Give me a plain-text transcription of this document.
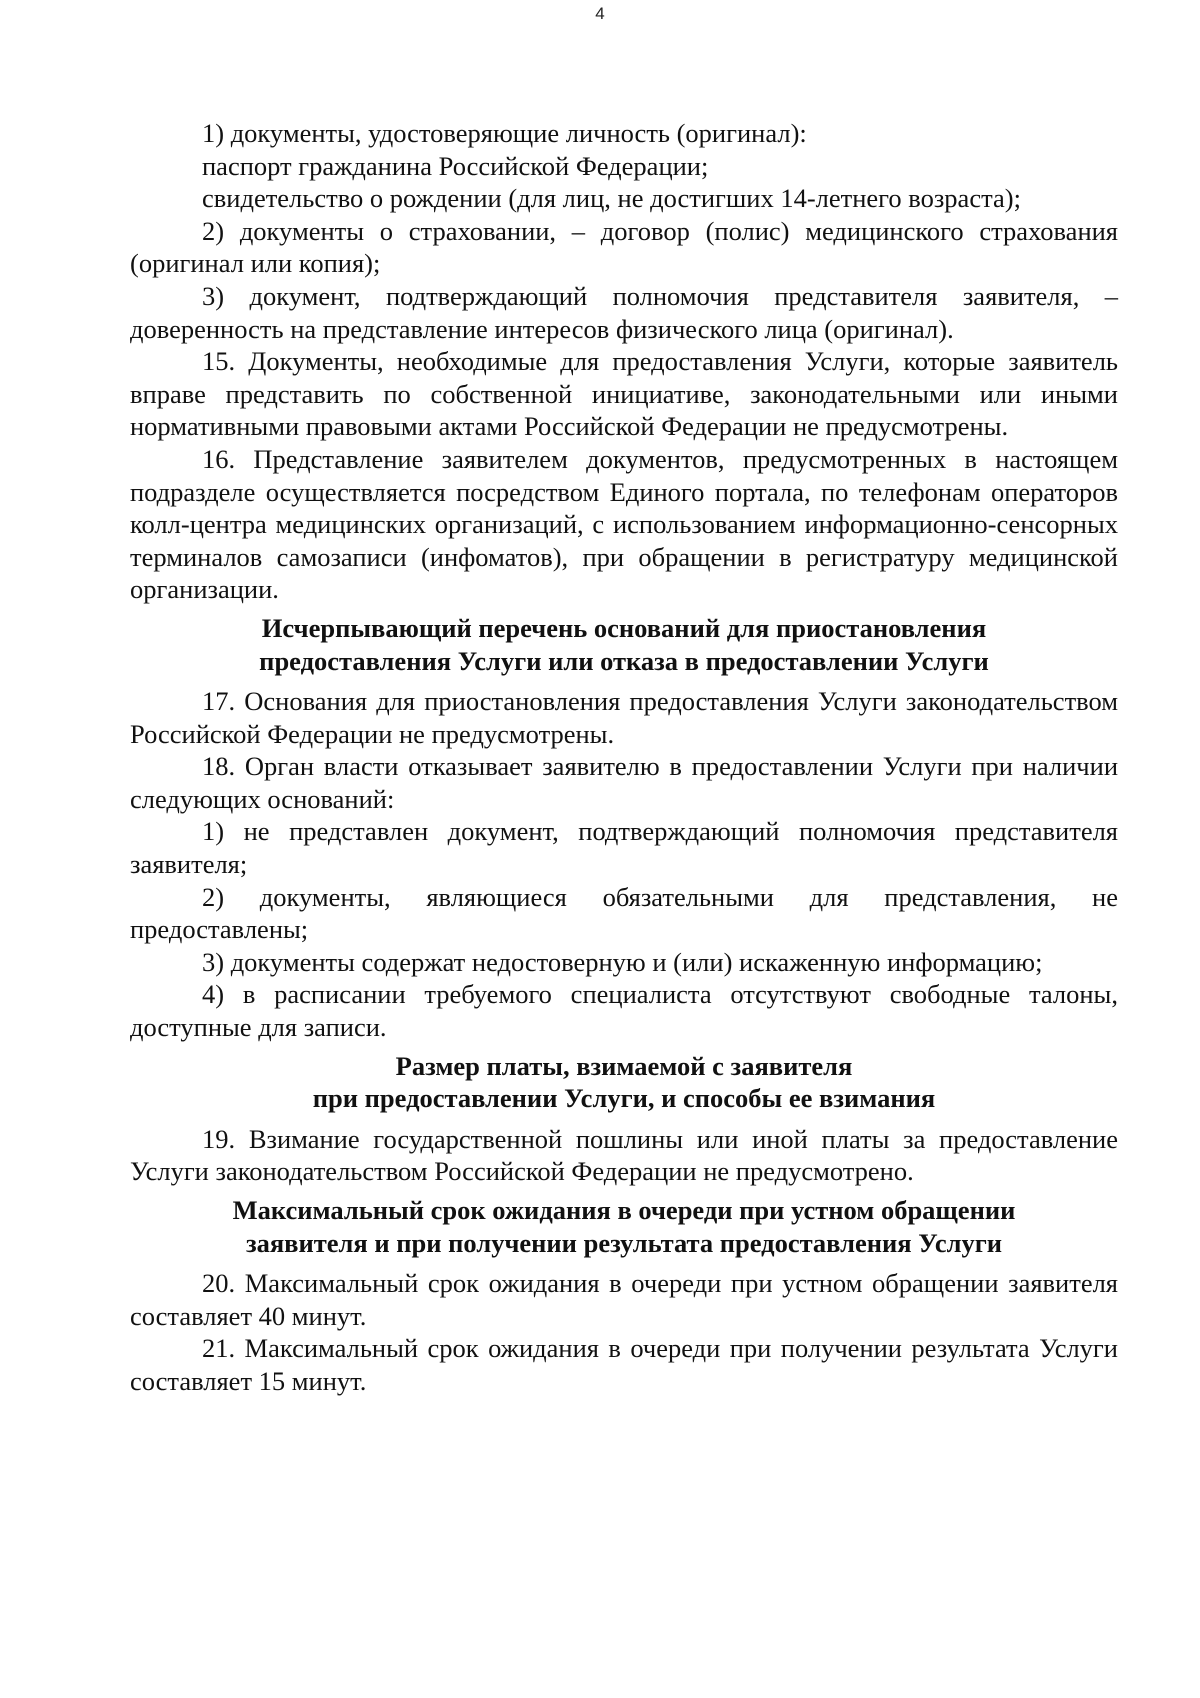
4

1) документы, удостоверяющие личность (оригинал):

паспорт гражданина Российской Федерации;

свидетельство о рождении (для лиц, не достигших 14-летнего возраста);

2) документы о страховании, – договор (полис) медицинского страхования (оригинал или копия);

3) документ, подтверждающий полномочия представителя заявителя, – доверенность на представление интересов физического лица (оригинал).

15. Документы, необходимые для предоставления Услуги, которые заявитель вправе представить по собственной инициативе, законодательными или иными нормативными правовыми актами Российской Федерации не предусмотрены.

16. Представление заявителем документов, предусмотренных в настоящем подразделе осуществляется посредством Единого портала, по телефонам операторов колл-центра медицинских организаций, с использованием информационно-сенсорных терминалов самозаписи (инфоматов), при обращении в регистратуру медицинской организации.

Исчерпывающий перечень оснований для приостановления
предоставления Услуги или отказа в предоставлении Услуги

17. Основания для приостановления предоставления Услуги законодательством Российской Федерации не предусмотрены.

18. Орган власти отказывает заявителю в предоставлении Услуги при наличии следующих оснований:

1) не представлен документ, подтверждающий полномочия представителя заявителя;

2) документы, являющиеся обязательными для представления, не предоставлены;

3) документы содержат недостоверную и (или) искаженную информацию;

4) в расписании требуемого специалиста отсутствуют свободные талоны, доступные для записи.

Размер платы, взимаемой с заявителя
при предоставлении Услуги, и способы ее взимания

19. Взимание государственной пошлины или иной платы за предоставление Услуги законодательством Российской Федерации не предусмотрено.

Максимальный срок ожидания в очереди при устном обращении
заявителя и при получении результата предоставления Услуги

20. Максимальный срок ожидания в очереди при устном обращении заявителя составляет 40 минут.

21. Максимальный срок ожидания в очереди при получении результата Услуги составляет 15 минут.
